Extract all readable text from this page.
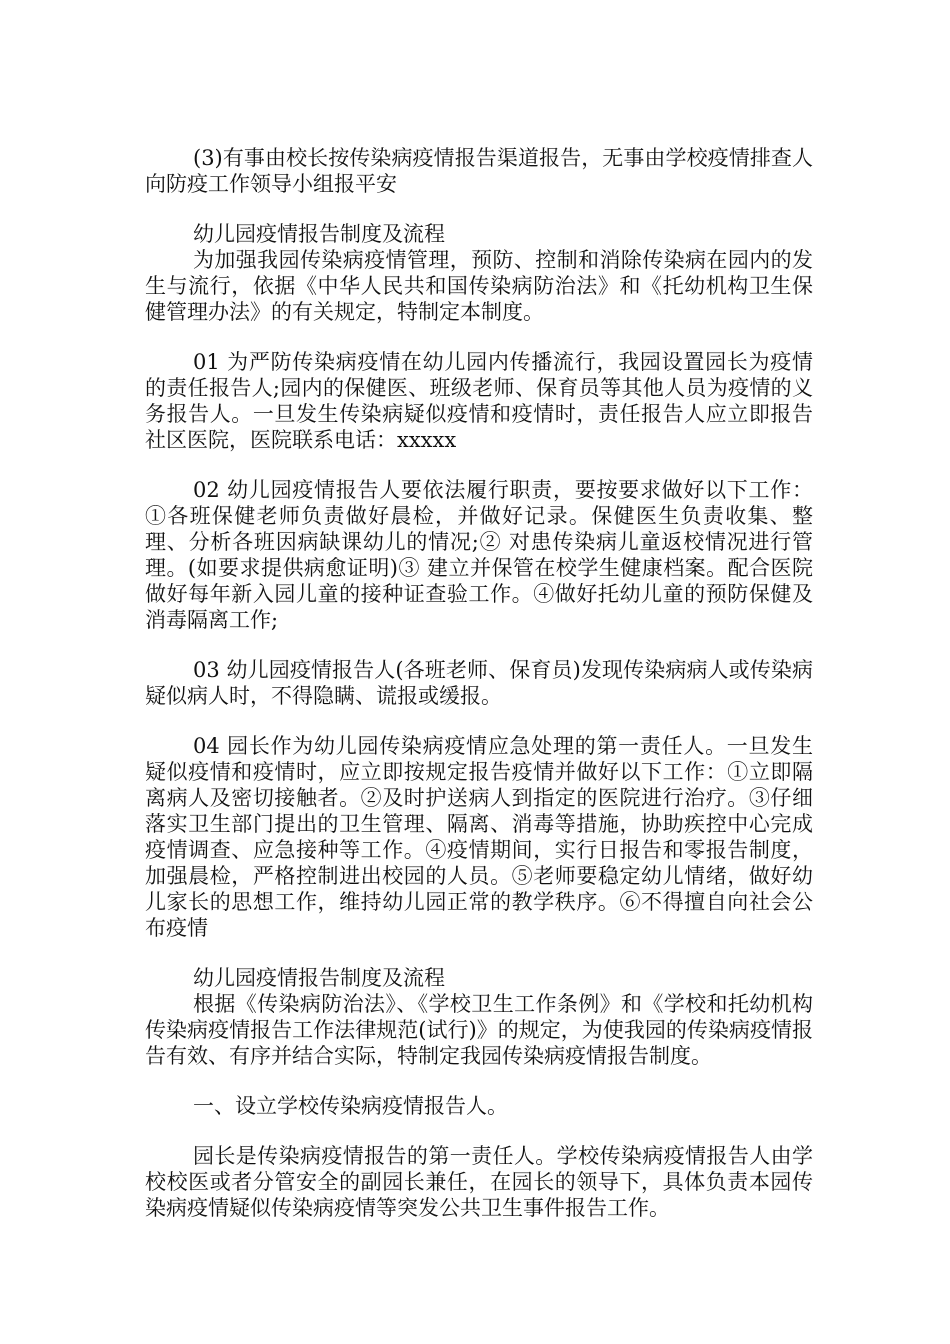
(3)有事由校长按传染病疫情报告渠道报告，无事由学校疫情排查人向防疫工作领导小组报平安

幼儿园疫情报告制度及流程

为加强我园传染病疫情管理，预防、控制和消除传染病在园内的发生与流行，依据《中华人民共和国传染病防治法》和《托幼机构卫生保健管理办法》的有关规定，特制定本制度。

01 为严防传染病疫情在幼儿园内传播流行，我园设置园长为疫情的责任报告人;园内的保健医、班级老师、保育员等其他人员为疫情的义务报告人。一旦发生传染病疑似疫情和疫情时，责任报告人应立即报告社区医院，医院联系电话：xxxxx

02 幼儿园疫情报告人要依法履行职责，要按要求做好以下工作：①各班保健老师负责做好晨检，并做好记录。保健医生负责收集、整理、分析各班因病缺课幼儿的情况;② 对患传染病儿童返校情况进行管理。(如要求提供病愈证明)③ 建立并保管在校学生健康档案。配合医院做好每年新入园儿童的接种证查验工作。④做好托幼儿童的预防保健及消毒隔离工作;

03 幼儿园疫情报告人(各班老师、保育员)发现传染病病人或传染病疑似病人时，不得隐瞒、谎报或缓报。

04 园长作为幼儿园传染病疫情应急处理的第一责任人。一旦发生疑似疫情和疫情时，应立即按规定报告疫情并做好以下工作：①立即隔离病人及密切接触者。②及时护送病人到指定的医院进行治疗。③仔细落实卫生部门提出的卫生管理、隔离、消毒等措施，协助疾控中心完成疫情调查、应急接种等工作。④疫情期间，实行日报告和零报告制度，加强晨检，严格控制进出校园的人员。⑤老师要稳定幼儿情绪，做好幼儿家长的思想工作，维持幼儿园正常的教学秩序。⑥不得擅自向社会公布疫情

幼儿园疫情报告制度及流程

根据《传染病防治法》、《学校卫生工作条例》和《学校和托幼机构传染病疫情报告工作法律规范(试行)》的规定，为使我园的传染病疫情报告有效、有序并结合实际，特制定我园传染病疫情报告制度。

一、设立学校传染病疫情报告人。

园长是传染病疫情报告的第一责任人。学校传染病疫情报告人由学校校医或者分管安全的副园长兼任，在园长的领导下，具体负责本园传染病疫情疑似传染病疫情等突发公共卫生事件报告工作。
